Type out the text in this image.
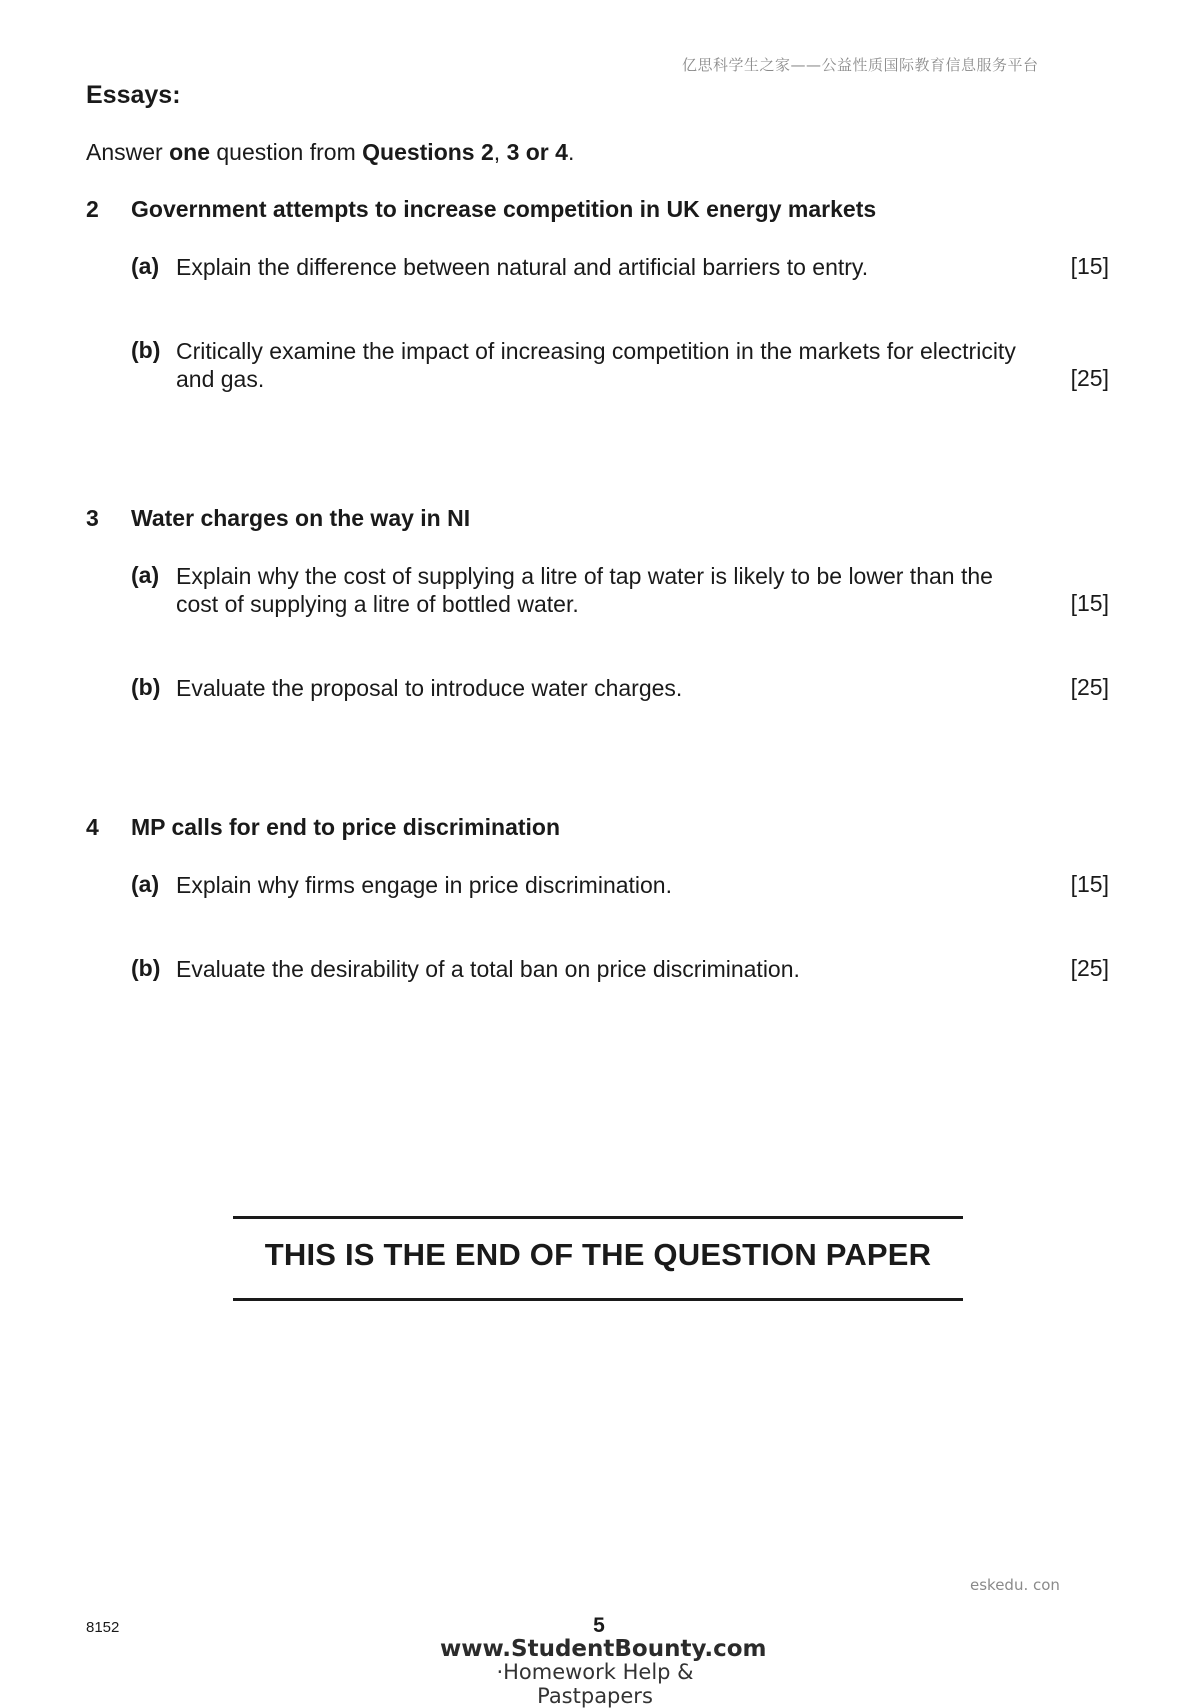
亿思科学生之家——公益性质国际教育信息服务平台
Essays:
Answer one question from Questions 2, 3 or 4.
2 Government attempts to increase competition in UK energy markets
(a) Explain the difference between natural and artificial barriers to entry.	[15]
(b) Critically examine the impact of increasing competition in the markets for electricity
and gas.	[25]
3 Water charges on the way in NI
(a) Explain why the cost of supplying a litre of tap water is likely to be lower than the
cost of supplying a litre of bottled water.	[15]
(b) Evaluate the proposal to introduce water charges.	[25]
4 MP calls for end to price discrimination
(a) Explain why firms engage in price discrimination.	[15]
(b) Evaluate the desirability of a total ban on price discrimination.	[25]
THIS IS THE END OF THE QUESTION PAPER
eskedu. con
8152	5
www.StudentBounty.com
·Homework Help & Pastpapers
